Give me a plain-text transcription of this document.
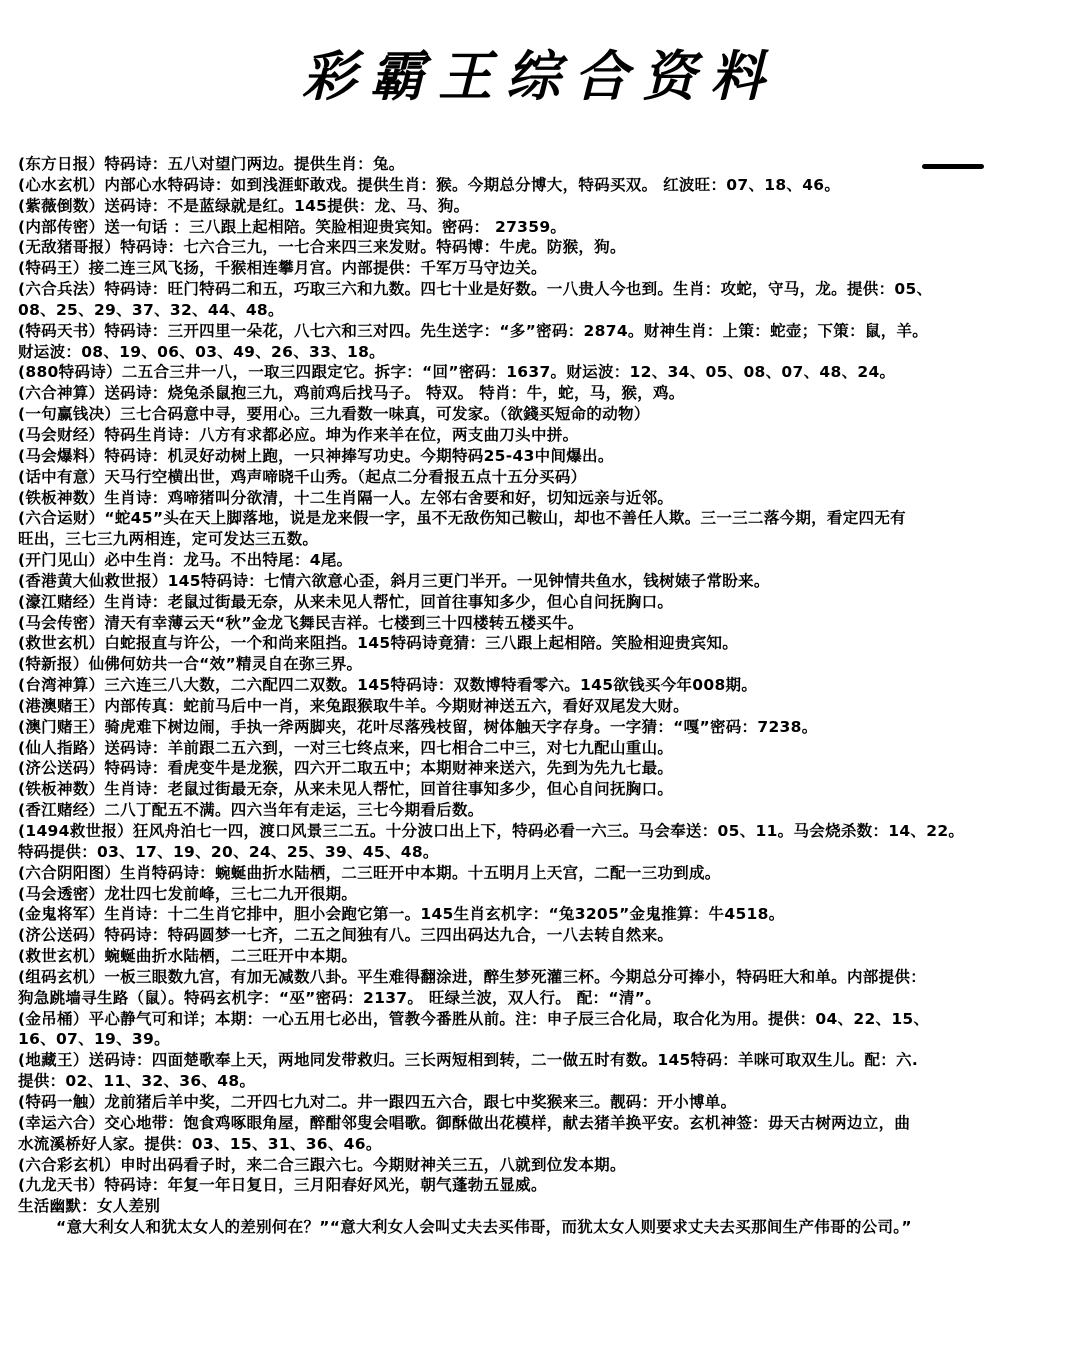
彩霸王综合资料
(东方日报）特码诗：五八对望门两边。提供生肖：兔。
(心水玄机）内部心水特码诗：如到浅涯虾敢戏。提供生肖：猴。今期总分博大，特码买双。 红波旺：07、18、46。
(紫薇倒数）送码诗：不是蓝绿就是红。145提供：龙、马、狗。
(内部传密）送一句话 ：三八跟上起相陪。笑脸相迎贵宾知。密码： 27359。
(无敌猪哥报）特码诗：七六合三九，一七合来四三来发财。特码博：牛虎。防猴，狗。
(特码王）接二连三风飞扬，千猴相连攀月宫。内部提供：千军万马守边关。
(六合兵法）特码诗：旺门特码二和五，巧取三六和九数。四七十业是好数。一八贵人今也到。生肖：攻蛇，守马，龙。提供：05、
08、25、29、37、32、44、48。
(特码天书）特码诗：三开四里一朵花，八七六和三对四。先生送字：“多”密码：2874。财神生肖：上策：蛇壶；下策：鼠，羊。
财运波：08、19、06、03、49、26、33、18。
(880特码诗）二五合三井一八，一取三四跟定它。拆字：“回”密码：1637。财运波：12、34、05、08、07、48、24。
(六合神算）送码诗：烧兔杀鼠抱三九，鸡前鸡后找马子。 特双。 特肖：牛，蛇，马，猴，鸡。
(一句赢钱决）三七合码意中寻，要用心。三九看数一味真，可发家。（欲錢买短命的动物）
(马会财经）特码生肖诗：八方有求都必应。坤为作来羊在位，两支曲刀头中拼。
(马会爆料）特码诗：机灵好动树上跑，一只神捧写功史。今期特码25-43中间爆出。
(话中有意）天马行空横出世，鸡声啼晓千山秀。（起点二分看报五点十五分买码）
(铁板神数）生肖诗：鸡啼猪叫分欲清，十二生肖隔一人。左邻右舍要和好，切知远亲与近邻。
(六合运财）“蛇45”头在天上脚落地，说是龙来假一字，虽不无敌伤知己鞍山，却也不善任人欺。三一三二落今期，看定四无有
旺出，三七三九两相连，定可发达三五数。
(开门见山）必中生肖：龙马。不出特尾：4尾。
(香港黄大仙救世报）145特码诗：七情六欲意心歪，斜月三更门半开。一见钟情共鱼水，钱树婊子常盼来。
(濠江赌经）生肖诗：老鼠过街最无奈，从来未见人帮忙，回首往事知多少，但心自问抚胸口。
(马会传密）清天有幸薄云天“秋”金龙飞舞民吉祥。七楼到三十四楼转五楼买牛。
(救世玄机）白蛇报直与许公，一个和尚来阻挡。145特码诗竟猜：三八跟上起相陪。笑脸相迎贵宾知。
(特新报）仙佛何妨共一合“效”精灵自在弥三界。
(台湾神算）三六连三八大数，二六配四二双数。145特码诗：双数博特看零六。145欲钱买今年008期。
(港澳赌王）内部传真：蛇前马后中一肖，来兔跟猴取牛羊。今期财神送五六，看好双尾发大财。
(澳门赌王）骑虎难下树边闹，手执一斧两脚夹，花叶尽落残枝留，树体触天字存身。一字猜：“嘎”密码：7238。
(仙人指路）送码诗：羊前跟二五六到，一对三七终点来，四七相合二中三，对七九配山重山。
(济公送码）特码诗：看虎变牛是龙猴，四六开二取五中；本期财神来送六，先到为先九七最。
(铁板神数）生肖诗：老鼠过街最无奈，从来未见人帮忙，回首往事知多少，但心自问抚胸口。
(香江赌经）二八丁配五不满。四六当年有走运，三七今期看后数。
(1494救世报）狂风舟泊七一四，渡口风景三二五。十分波口出上下，特码必看一六三。马会奉送：05、11。马会烧杀数：14、22。
特码提供：03、17、19、20、24、25、39、45、48。
(六合阴阳图）生肖特码诗：蜿蜒曲折水陆栖，二三旺开中本期。十五明月上天宫，二配一三功到成。
(马会透密）龙壮四七发前峰，三七二九开很期。
(金鬼将军）生肖诗：十二生肖它排中，胆小会跑它第一。145生肖玄机字：“兔3205”金鬼推算：牛4518。
(济公送码）特码诗：特码圆梦一七齐，二五之间独有八。三四出码达九合，一八去转自然来。
(救世玄机）蜿蜒曲折水陆栖，二三旺开中本期。
(组码玄机）一板三眼数九宫，有加无减数八卦。平生难得翻涂进，醉生梦死灌三杯。今期总分可捧小，特码旺大和单。内部提供：
狗急跳墙寻生路（鼠）。特码玄机字：“巫”密码：2137。 旺绿兰波，双人行。 配：“清”。
(金吊桶）平心静气可和详；本期：一心五用七必出，管教今番胜从前。注：申子辰三合化局，取合化为用。提供：04、22、15、
16、07、19、39。
(地藏王）送码诗：四面楚歌奉上天，两地同发带救归。三长两短相到转，二一做五时有数。145特码：羊咪可取双生儿。配：六.
提供：02、11、32、36、48。
(特码一触）龙前猪后羊中奖，二开四七九对二。井一跟四五六合，跟七中奖猴来三。靓码：开小博单。
(幸运六合）交心地带：饱食鸡啄眼角屋，醉酣邻叟会唱歌。御酥做出花模样，献去猪羊换平安。玄机神签：毋天古树两边立，曲
水流溪桥好人家。提供：03、15、31、36、46。
(六合彩玄机）申时出码看子时，来二合三跟六七。今期财神关三五，八就到位发本期。
(九龙天书）特码诗：年复一年日复日，三月阳春好风光，朝气蓬勃五显威。
生活幽默：女人差别
“意大利女人和犹太女人的差别何在？”“意大利女人会叫丈夫去买伟哥，而犹太女人则要求丈夫去买那间生产伟哥的公司。”
